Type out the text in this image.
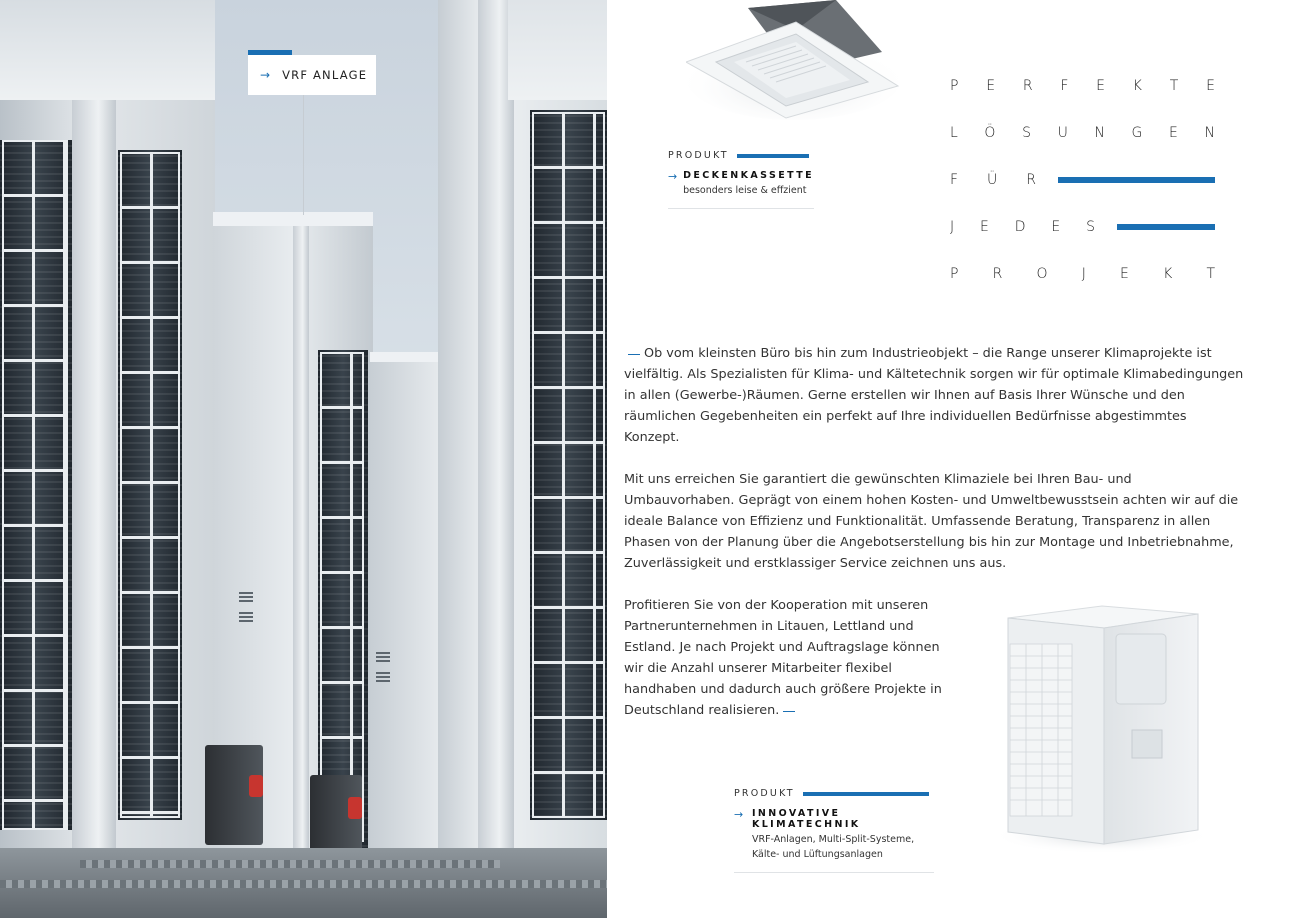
→ VRF ANLAGE
PRODUKT
→ DECKENKASSETTE
besonders leise & effzient
P E R F E K T E
L Ö S U N G E N
F Ü R
J E D E S
P R O J E K T

Ob vom kleinsten Büro bis hin zum Industrieobjekt – die Range unserer Klimaprojekte ist vielfältig. Als Spezialisten für Klima- und Kältetechnik sorgen wir für optimale Klimabedingungen in allen (Gewerbe-)Räumen. Gerne erstellen wir Ihnen auf Basis Ihrer Wünsche und den räumlichen Gegebenheiten ein perfekt auf Ihre individuellen Bedürfnisse abgestimmtes Konzept.

Mit uns erreichen Sie garantiert die gewünschten Klimaziele bei Ihren Bau- und Umbauvorhaben. Geprägt von einem hohen Kosten- und Umweltbewusstsein achten wir auf die ideale Balance von Effizienz und Funktionalität. Umfassende Beratung, Transparenz in allen Phasen von der Planung über die Angebotserstellung bis hin zur Montage und Inbetriebnahme, Zuverlässigkeit und erstklassiger Service zeichnen uns aus.

Profitieren Sie von der Kooperation mit unseren Partnerunternehmen in Litauen, Lettland und Estland. Je nach Projekt und Auftragslage können wir die Anzahl unserer Mitarbeiter flexibel handhaben und dadurch auch größere Projekte in Deutschland realisieren.

PRODUKT
→ INNOVATIVE KLIMATECHNIK
VRF-Anlagen, Multi-Split-Systeme,
Kälte- und Lüftungsanlagen
